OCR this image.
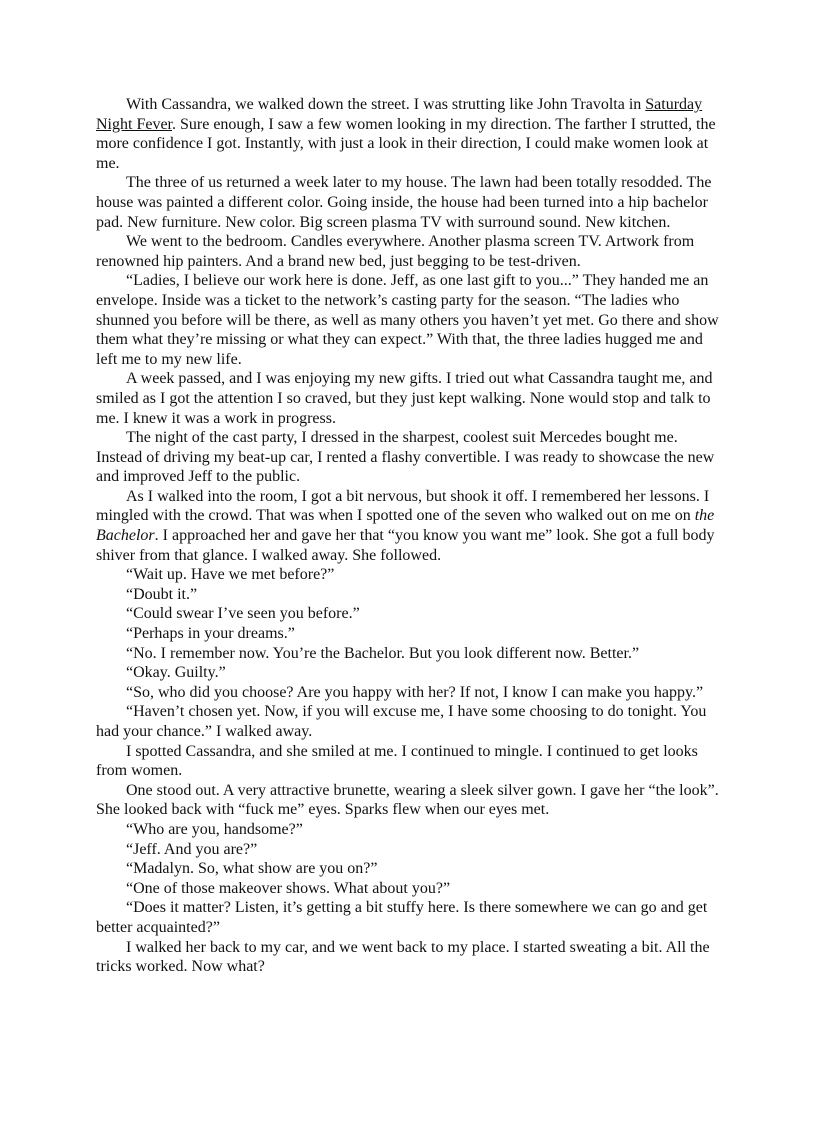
With Cassandra, we walked down the street. I was strutting like John Travolta in Saturday Night Fever. Sure enough, I saw a few women looking in my direction. The farther I strutted, the more confidence I got. Instantly, with just a look in their direction, I could make women look at me.

The three of us returned a week later to my house. The lawn had been totally resodded. The house was painted a different color. Going inside, the house had been turned into a hip bachelor pad. New furniture. New color. Big screen plasma TV with surround sound. New kitchen.

We went to the bedroom. Candles everywhere. Another plasma screen TV. Artwork from renowned hip painters. And a brand new bed, just begging to be test-driven.

“Ladies, I believe our work here is done. Jeff, as one last gift to you...” They handed me an envelope. Inside was a ticket to the network’s casting party for the season. “The ladies who shunned you before will be there, as well as many others you haven’t yet met. Go there and show them what they’re missing or what they can expect.” With that, the three ladies hugged me and left me to my new life.

A week passed, and I was enjoying my new gifts. I tried out what Cassandra taught me, and smiled as I got the attention I so craved, but they just kept walking. None would stop and talk to me. I knew it was a work in progress.

The night of the cast party, I dressed in the sharpest, coolest suit Mercedes bought me. Instead of driving my beat-up car, I rented a flashy convertible. I was ready to showcase the new and improved Jeff to the public.

As I walked into the room, I got a bit nervous, but shook it off. I remembered her lessons. I mingled with the crowd. That was when I spotted one of the seven who walked out on me on the Bachelor. I approached her and gave her that “you know you want me” look. She got a full body shiver from that glance. I walked away. She followed.

“Wait up. Have we met before?”

“Doubt it.”

“Could swear I’ve seen you before.”

“Perhaps in your dreams.”

“No. I remember now. You’re the Bachelor. But you look different now. Better.”

“Okay. Guilty.”

“So, who did you choose? Are you happy with her? If not, I know I can make you happy.”

“Haven’t chosen yet. Now, if you will excuse me, I have some choosing to do tonight. You had your chance.” I walked away.

I spotted Cassandra, and she smiled at me. I continued to mingle. I continued to get looks from women.

One stood out. A very attractive brunette, wearing a sleek silver gown. I gave her “the look”. She looked back with “fuck me” eyes. Sparks flew when our eyes met.

“Who are you, handsome?”

“Jeff. And you are?”

“Madalyn. So, what show are you on?”

“One of those makeover shows. What about you?”

“Does it matter? Listen, it’s getting a bit stuffy here. Is there somewhere we can go and get better acquainted?”

I walked her back to my car, and we went back to my place. I started sweating a bit. All the tricks worked. Now what?
